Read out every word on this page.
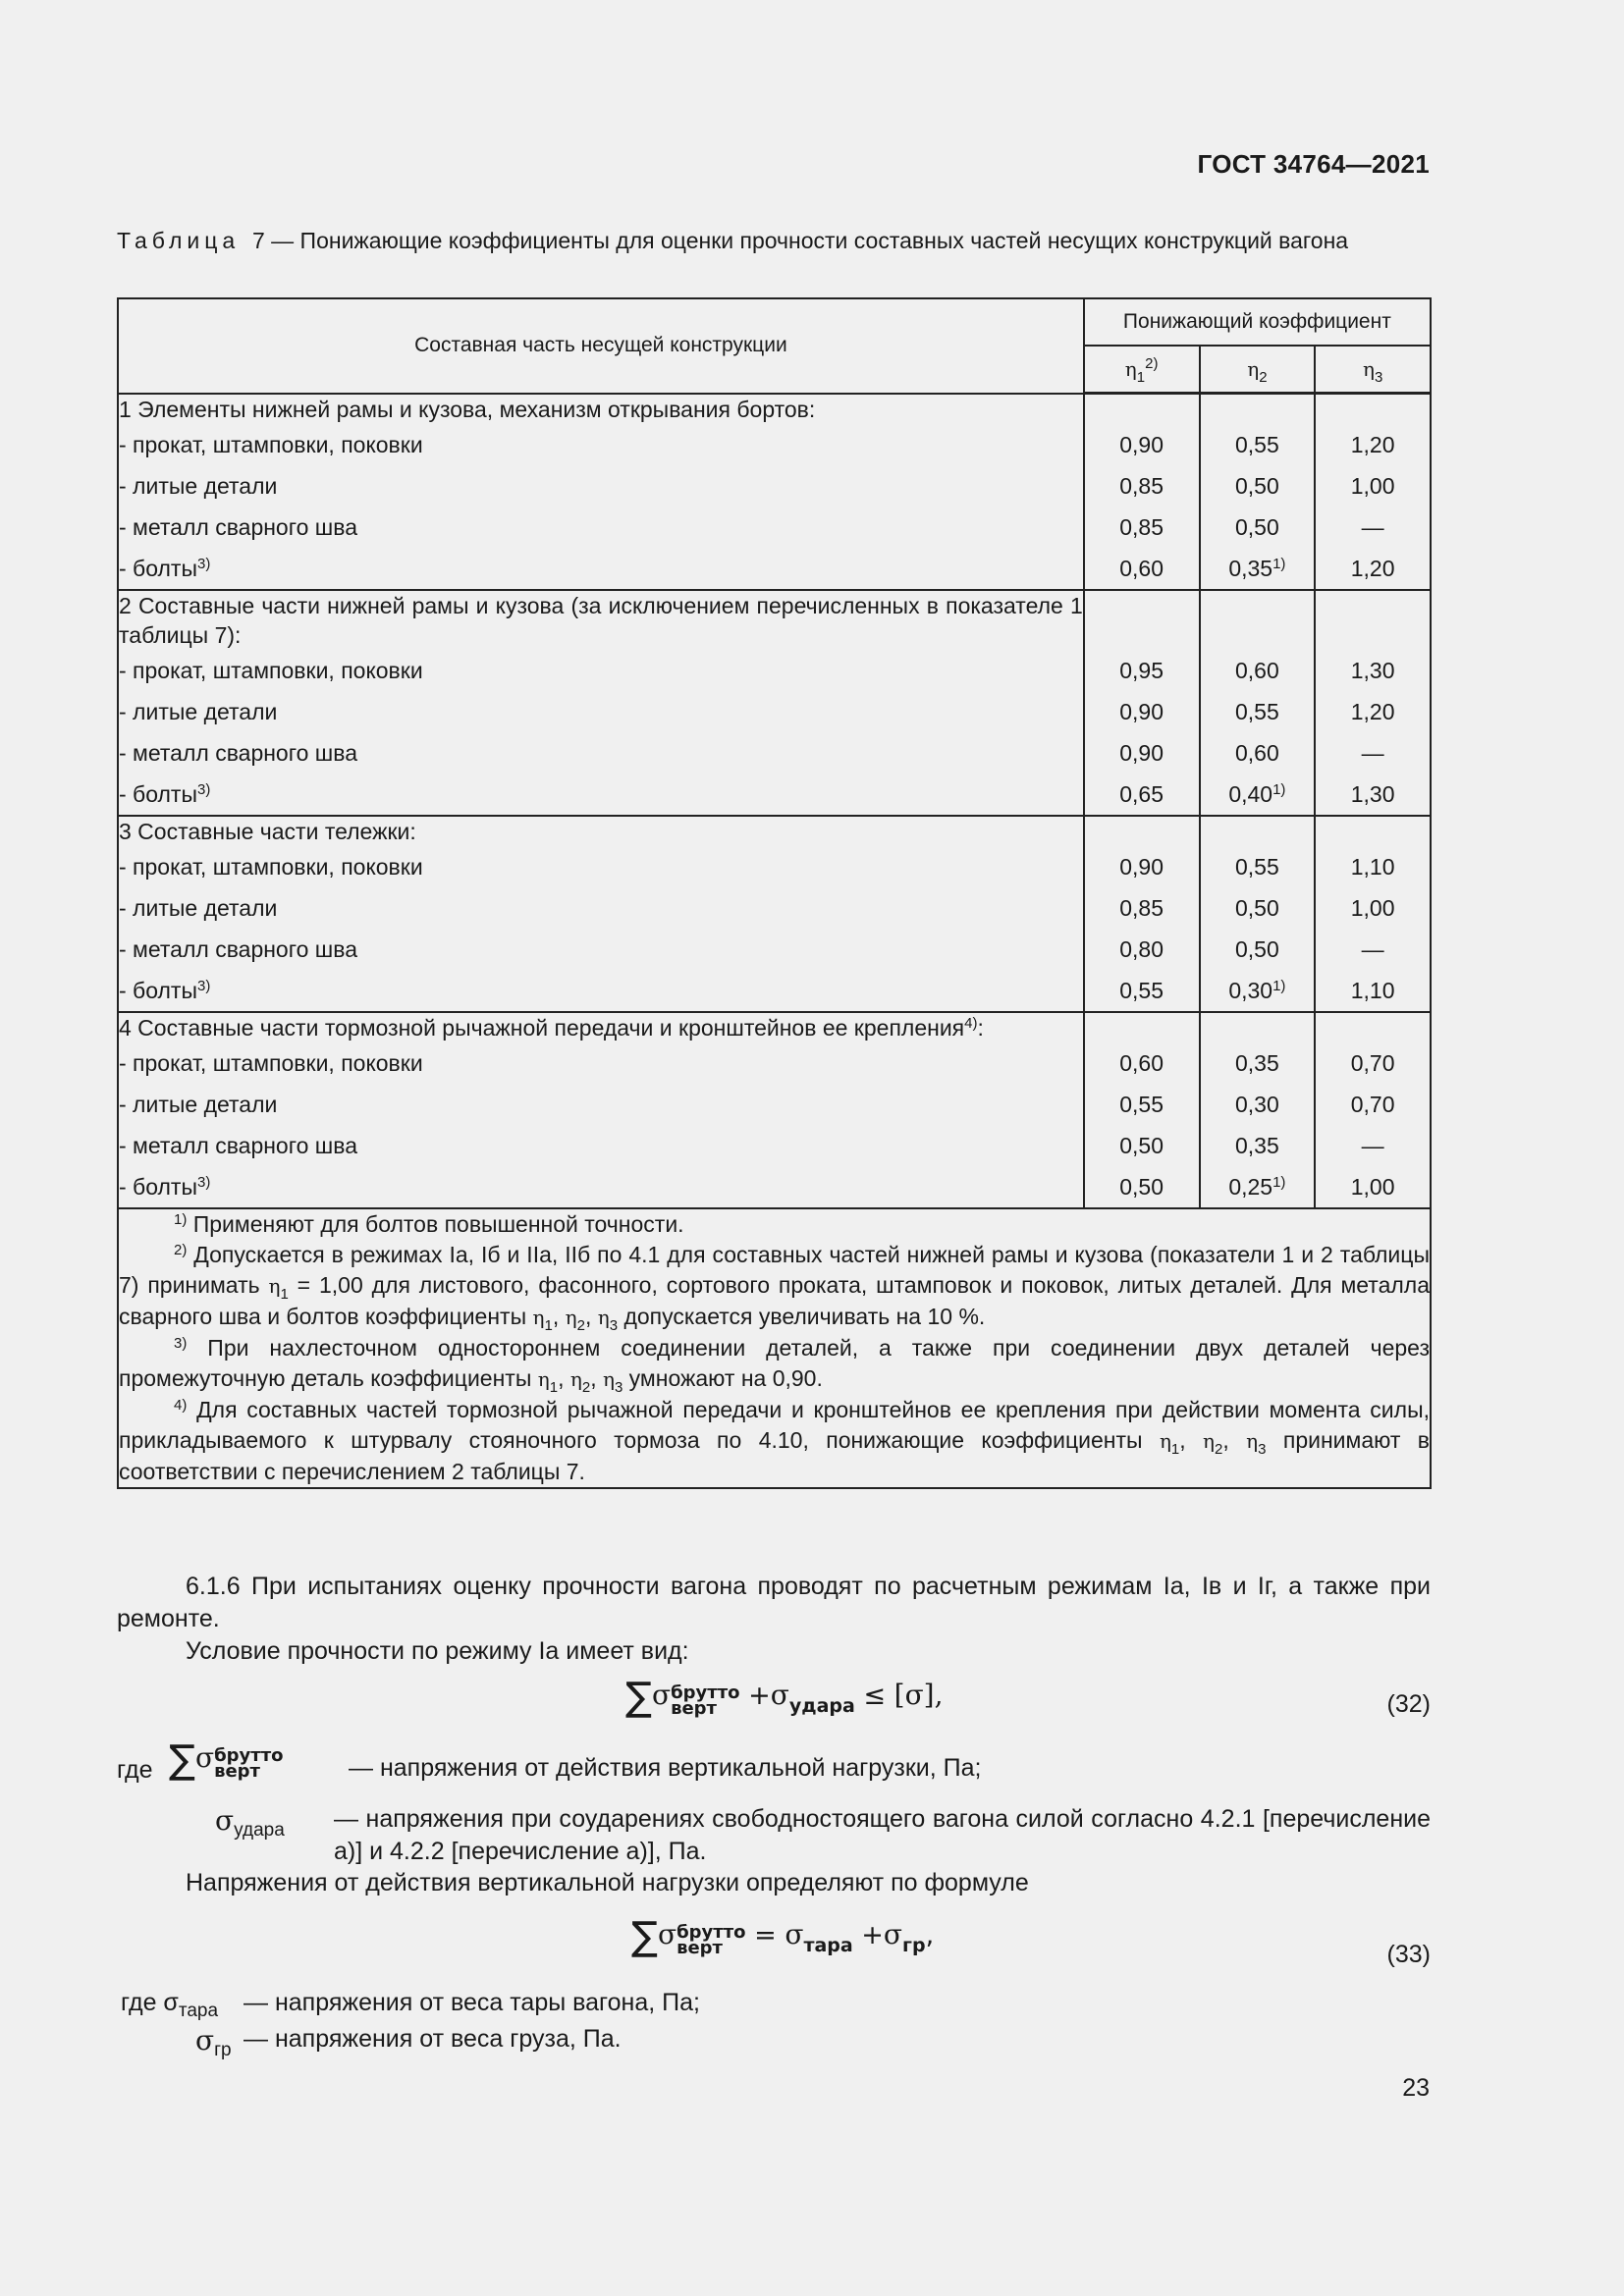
ГОСТ 34764—2021
Таблица 7 — Понижающие коэффициенты для оценки прочности составных частей несущих конструкций вагона
Составная часть несущей конструкции	Понижающий коэффициент		
	$\eta_1^{2)}$	$\eta_2$	$\eta_3$
1 Элементы нижней рамы и кузова, механизм открывания бортов:			
- прокат, штамповки, поковки	0,90	0,55	1,20
- литые детали	0,85	0,50	1,00
- металл сварного шва	0,85	0,50	—
- болты$^{3)}$	0,60	0,35$^{1)}$	1,20
2 Составные части нижней рамы и кузова (за исключением перечисленных в показателе 1 таблицы 7):			
- прокат, штамповки, поковки	0,95	0,60	1,30
- литые детали	0,90	0,55	1,20
- металл сварного шва	0,90	0,60	—
- болты$^{3)}$	0,65	0,40$^{1)}$	1,30
3 Составные части тележки:			
- прокат, штамповки, поковки	0,90	0,55	1,10
- литые детали	0,85	0,50	1,00
- металл сварного шва	0,80	0,50	—
- болты$^{3)}$	0,55	0,30$^{1)}$	1,10
4 Составные части тормозной рычажной передачи и кронштейнов ее крепления$^{4)}$:			
- прокат, штамповки, поковки	0,60	0,35	0,70
- литые детали	0,55	0,30	0,70
- металл сварного шва	0,50	0,35	—
- болты$^{3)}$	0,50	0,25$^{1)}$	1,00

$^{1)}$ Применяют для болтов повышенной точности.

$^{2)}$ Допускается в режимах Ia, Iб и IIa, IIб по 4.1 для составных частей нижней рамы и кузова (показатели 1 и 2 таблицы 7) принимать $\eta_1 = 1,00$ для листового, фасонного, сортового проката, штамповок и поковок, литых деталей. Для металла сварного шва и болтов коэффициенты $\eta_1$, $\eta_2$, $\eta_3$ допускается увеличивать на 10 %.

$^{3)}$ При нахлесточном одностороннем соединении деталей, а также при соединении двух деталей через промежуточную деталь коэффициенты $\eta_1$, $\eta_2$, $\eta_3$ умножают на 0,90.

$^{4)}$ Для составных частей тормозной рычажной передачи и кронштейнов ее крепления при действии момента силы, прикладываемого к штурвалу стояночного тормоза по 4.10, понижающие коэффициенты $\eta_1$, $\eta_2$, $\eta_3$ принимают в соответствии с перечислением 2 таблицы 7.			

6.1.6 При испытаниях оценку прочности вагона проводят по расчетным режимам Ia, Iв и Iг, а также при ремонте.
Условие прочности по режиму Ia имеет вид:
∑σбрутто
верт $+\sigma_{удара} \le [\sigma]$,	(32)
где ∑σбрутто
верт	— напряжения от действия вертикальной нагрузки, Па;
$\sigma_{удара}$ — напряжения при соударениях свободностоящего вагона силой согласно 4.2.1 [перечисление а)] и 4.2.2 [перечисление а)], Па.
Напряжения от действия вертикальной нагрузки определяют по формуле
∑σбрутто
верт = $\sigma_{тара} +\sigma_{гр}$,
(33)
где $\sigma_{тара}$ — напряжения от веса тары вагона, Па;
$\sigma_{гр}$ — напряжения от веса груза, Па.
23
